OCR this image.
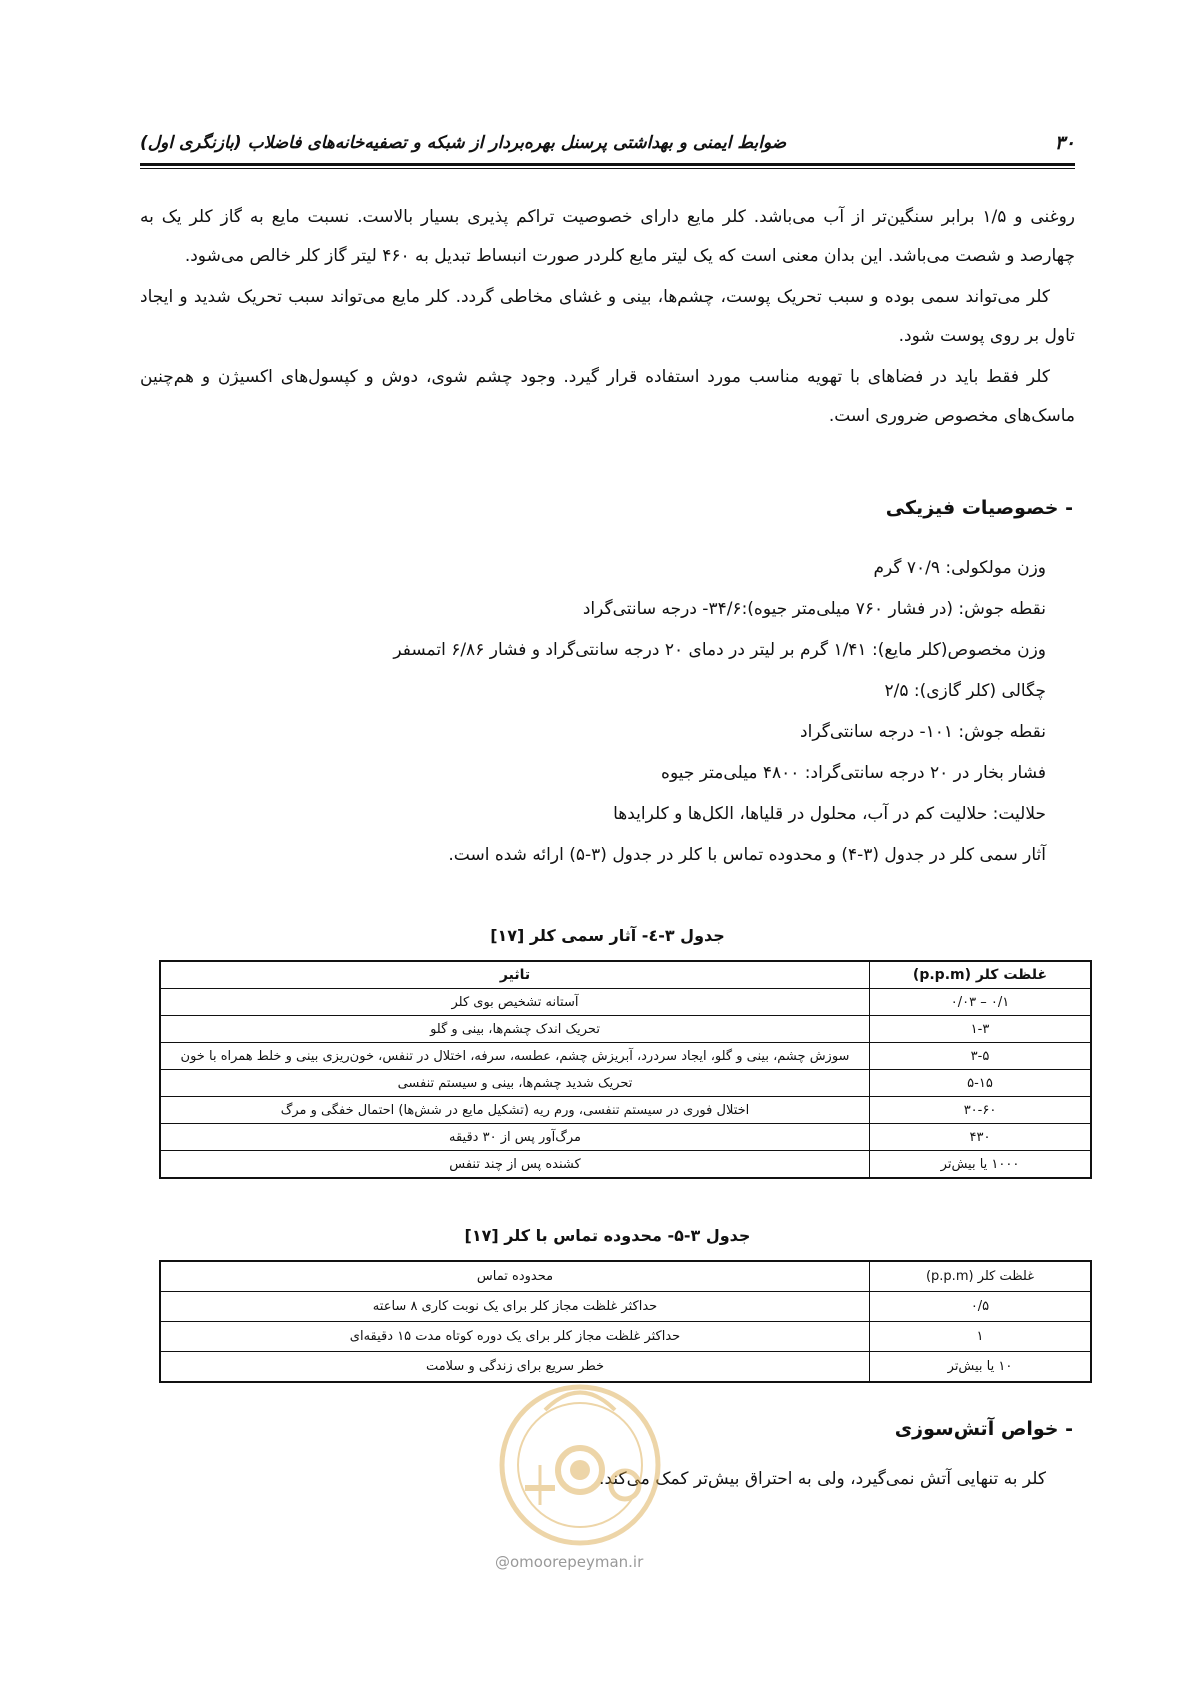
۳۰
ضوابط ایمنی و بهداشتی پرسنل بهره‌بردار از شبکه و تصفیه‌خانه‌های فاضلاب (بازنگری اول)

روغنی و ۱/۵ برابر سنگین‌تر از آب می‌باشد. کلر مایع دارای خصوصیت تراکم پذیری بسیار بالاست. نسبت مایع به گاز کلر یک به چهارصد و شصت می‌باشد. این بدان معنی است که یک لیتر مایع کلردر صورت انبساط تبدیل به ۴۶۰ لیتر گاز کلر خالص می‌شود.

کلر می‌تواند سمی بوده و سبب تحریک پوست، چشم‌ها، بینی و غشای مخاطی گردد. کلر مایع می‌تواند سبب تحریک شدید و ایجاد تاول بر روی پوست شود.

کلر فقط باید در فضاهای با تهویه مناسب مورد استفاده قرار گیرد. وجود چشم شوی، دوش و کپسول‌های اکسیژن و هم‌چنین ماسک‌های مخصوص ضروری است.

- خصوصیات فیزیکی
وزن مولکولی: ۷۰/۹ گرم
نقطه جوش: (در فشار ۷۶۰ میلی‌متر جیوه):۳۴/۶- درجه سانتی‌گراد
وزن مخصوص(کلر مایع): ۱/۴۱ گرم بر لیتر در دمای ۲۰ درجه سانتی‌گراد و فشار ۶/۸۶ اتمسفر
چگالی (کلر گازی): ۲/۵
نقطه جوش: ۱۰۱- درجه سانتی‌گراد
فشار بخار در ۲۰ درجه سانتی‌گراد: ۴۸۰۰ میلی‌متر جیوه
حلالیت: حلالیت کم در آب، محلول در قلیاها، الکل‌ها و کلرایدها
آثار سمی کلر در جدول (۳-۴) و محدوده تماس با کلر در جدول (۳-۵) ارائه شده است.

جدول ۳-٤- آثار سمی کلر [۱۷]

غلظت کلر (p.p.m)	تاثیر
۰/۱ – ۰/۰۳	آستانه تشخیص بوی کلر
۱-۳	تحریک اندک چشم‌ها، بینی و گلو
۳-۵	سوزش چشم، بینی و گلو، ایجاد سردرد، آبریزش چشم، عطسه، سرفه، اختلال در تنفس، خون‌ریزی بینی و خلط همراه با خون
۵-۱۵	تحریک شدید چشم‌ها، بینی و سیستم تنفسی
۳۰-۶۰	اختلال فوری در سیستم تنفسی، ورم ریه (تشکیل مایع در شش‌ها) احتمال خفگی و مرگ
۴۳۰	مرگ‌آور پس از ۳۰ دقیقه
۱۰۰۰ یا بیش‌تر	کشنده پس از چند تنفس

جدول ۳-۵- محدوده تماس با کلر [۱۷]

غلظت کلر (p.p.m)	محدوده تماس
۰/۵	حداکثر غلظت مجاز کلر برای یک نوبت کاری ۸ ساعته
۱	حداکثر غلظت مجاز کلر برای یک دوره کوتاه مدت ۱۵ دقیقه‌ای
۱۰ یا بیش‌تر	خطر سریع برای زندگی و سلامت
- خواص آتش‌سوزی

کلر به تنهایی آتش نمی‌گیرد، ولی به احتراق بیش‌تر کمک می‌کند.

@omoorepeyman.ir
